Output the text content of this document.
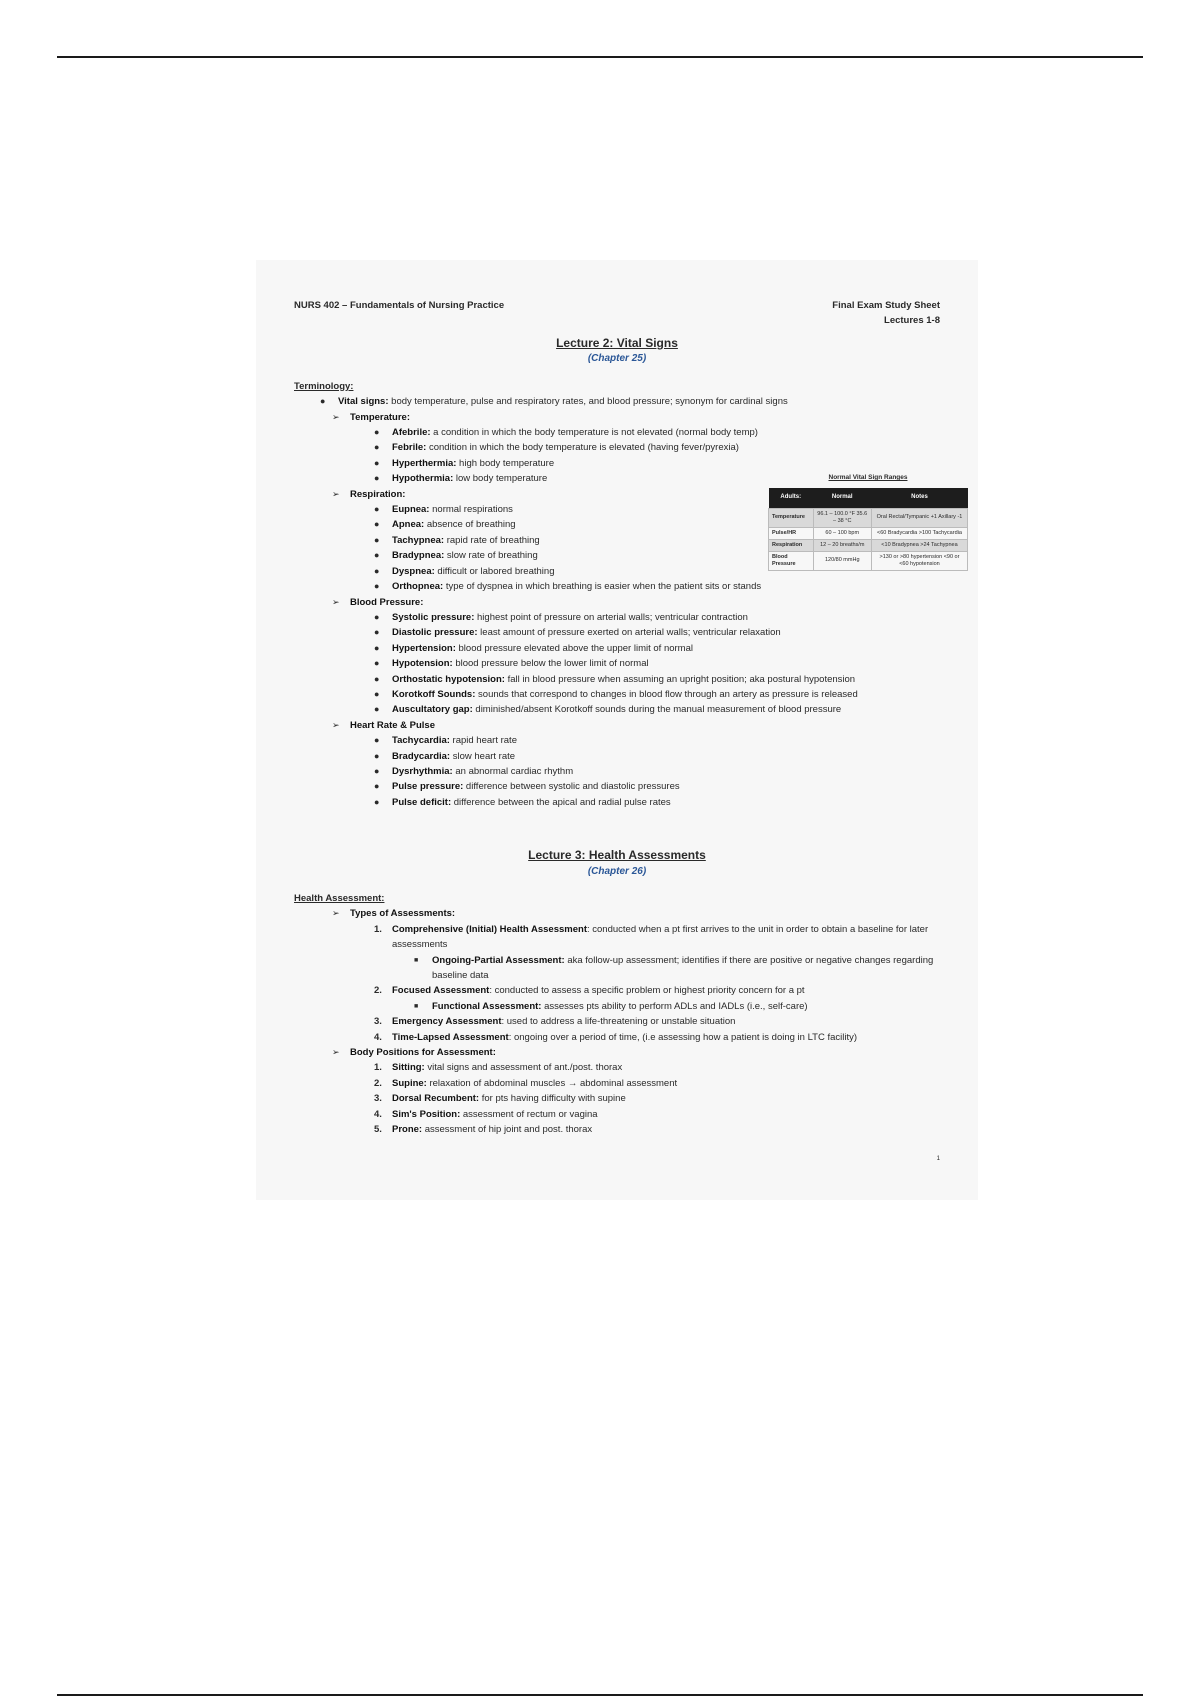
NURS 402 – Fundamentals of Nursing Practice	Final Exam Study Sheet
Lectures 1-8
Lecture 2: Vital Signs
(Chapter 25)
Terminology:
● Vital signs: body temperature, pulse and respiratory rates, and blood pressure; synonym for cardinal signs
➢ Temperature:
● Afebrile: a condition in which the body temperature is not elevated (normal body temp)
● Febrile: condition in which the body temperature is elevated (having fever/pyrexia)
● Hyperthermia: high body temperature
● Hypothermia: low body temperature
➢ Respiration:
● Eupnea: normal respirations
● Apnea: absence of breathing
● Tachypnea: rapid rate of breathing
● Bradypnea: slow rate of breathing
● Dyspnea: difficult or labored breathing
● Orthopnea: type of dyspnea in which breathing is easier when the patient sits or stands
➢ Blood Pressure:
● Systolic pressure: highest point of pressure on arterial walls; ventricular contraction
● Diastolic pressure: least amount of pressure exerted on arterial walls; ventricular relaxation
● Hypertension: blood pressure elevated above the upper limit of normal
● Hypotension: blood pressure below the lower limit of normal
● Orthostatic hypotension: fall in blood pressure when assuming an upright position; aka postural hypotension
● Korotkoff Sounds: sounds that correspond to changes in blood flow through an artery as pressure is released
● Auscultatory gap: diminished/absent Korotkoff sounds during the manual measurement of blood pressure
➢ Heart Rate & Pulse
● Tachycardia: rapid heart rate
● Bradycardia: slow heart rate
● Dysrhythmia: an abnormal cardiac rhythm
● Pulse pressure: difference between systolic and diastolic pressures
● Pulse deficit: difference between the apical and radial pulse rates
Normal Vital Sign Ranges
Adults:	Normal	Notes
Temperature	96.1 – 100.0 °F 35.6 – 38 °C	Oral Rectal/Tympanic +1 Axillary -1
Pulse/HR	60 – 100 bpm	<60 Bradycardia >100 Tachycardia
Respiration	12 – 20 breaths/m	<10 Bradypnea >24 Tachypnea
Blood Pressure	120/80 mmHg	>130 or >80 hypertension <90 or <60 hypotension
Lecture 3: Health Assessments
(Chapter 26)
Health Assessment:
➢ Types of Assessments:
1. Comprehensive (Initial) Health Assessment: conducted when a pt first arrives to the unit in order to obtain a baseline for later assessments
■ Ongoing-Partial Assessment: aka follow-up assessment; identifies if there are positive or negative changes regarding baseline data
2. Focused Assessment: conducted to assess a specific problem or highest priority concern for a pt
■ Functional Assessment: assesses pts ability to perform ADLs and IADLs (i.e., self-care)
3. Emergency Assessment: used to address a life-threatening or unstable situation
4. Time-Lapsed Assessment: ongoing over a period of time, (i.e assessing how a patient is doing in LTC facility)
➢ Body Positions for Assessment:
1. Sitting: vital signs and assessment of ant./post. thorax
2. Supine: relaxation of abdominal muscles → abdominal assessment
3. Dorsal Recumbent: for pts having difficulty with supine
4. Sim's Position: assessment of rectum or vagina
5. Prone: assessment of hip joint and post. thorax
1
